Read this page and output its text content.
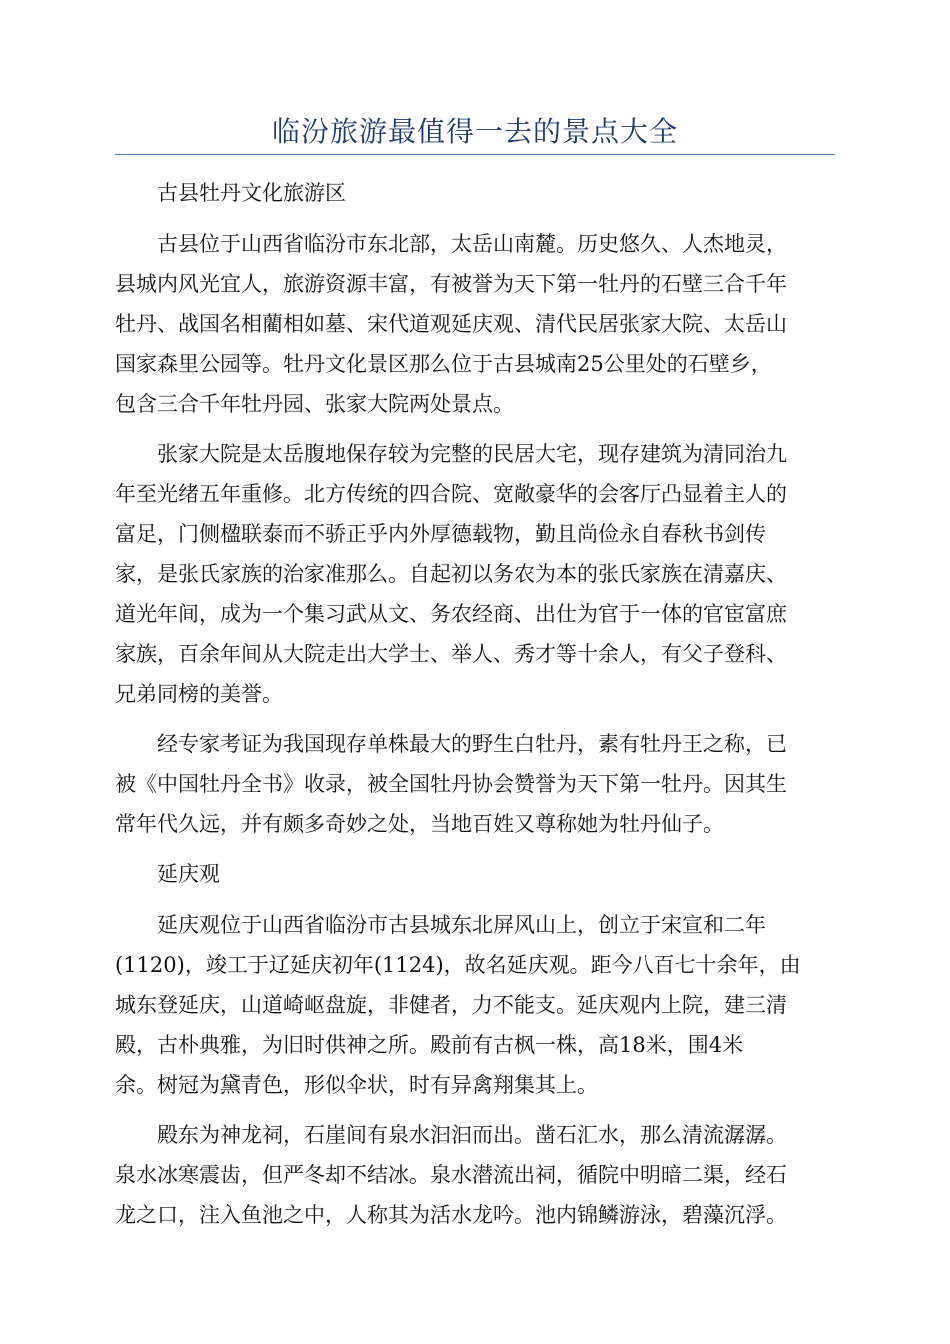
临汾旅游最值得一去的景点大全

古县牡丹文化旅游区

古县位于山西省临汾市东北部，太岳山南麓。历史悠久、人杰地灵，
县城内风光宜人，旅游资源丰富，有被誉为天下第一牡丹的石壁三合千年
牡丹、战国名相藺相如墓、宋代道观延庆观、清代民居张家大院、太岳山
国家森里公园等。牡丹文化景区那么位于古县城南25公里处的石壁乡，
包含三合千年牡丹园、张家大院两处景点。

张家大院是太岳腹地保存较为完整的民居大宅，现存建筑为清同治九
年至光绪五年重修。北方传统的四合院、宽敞豪华的会客厅凸显着主人的
富足，门侧楹联泰而不骄正乎内外厚德载物，勤且尚俭永自春秋书剑传
家，是张氏家族的治家准那么。自起初以务农为本的张氏家族在清嘉庆、
道光年间，成为一个集习武从文、务农经商、出仕为官于一体的官宦富庶
家族，百余年间从大院走出大学士、举人、秀才等十余人，有父子登科、
兄弟同榜的美誉。

经专家考证为我国现存单株最大的野生白牡丹，素有牡丹王之称，已
被《中国牡丹全书》收录，被全国牡丹协会赞誉为天下第一牡丹。因其生
常年代久远，并有颇多奇妙之处，当地百姓又尊称她为牡丹仙子。

延庆观

延庆观位于山西省临汾市古县城东北屏风山上，创立于宋宣和二年
(1120)，竣工于辽延庆初年(1124)，故名延庆观。距今八百七十余年，由
城东登延庆，山道崎岖盘旋，非健者，力不能支。延庆观内上院，建三清
殿，古朴典雅，为旧时供神之所。殿前有古枫一株，高18米，围4米
余。树冠为黛青色，形似伞状，时有异禽翔集其上。

殿东为神龙祠，石崖间有泉水汩汩而出。凿石汇水，那么清流潺潺。
泉水冰寒震齿，但严冬却不结冰。泉水潜流出祠，循院中明暗二渠，经石
龙之口，注入鱼池之中，人称其为活水龙吟。池内锦鳞游泳，碧藻沉浮。
